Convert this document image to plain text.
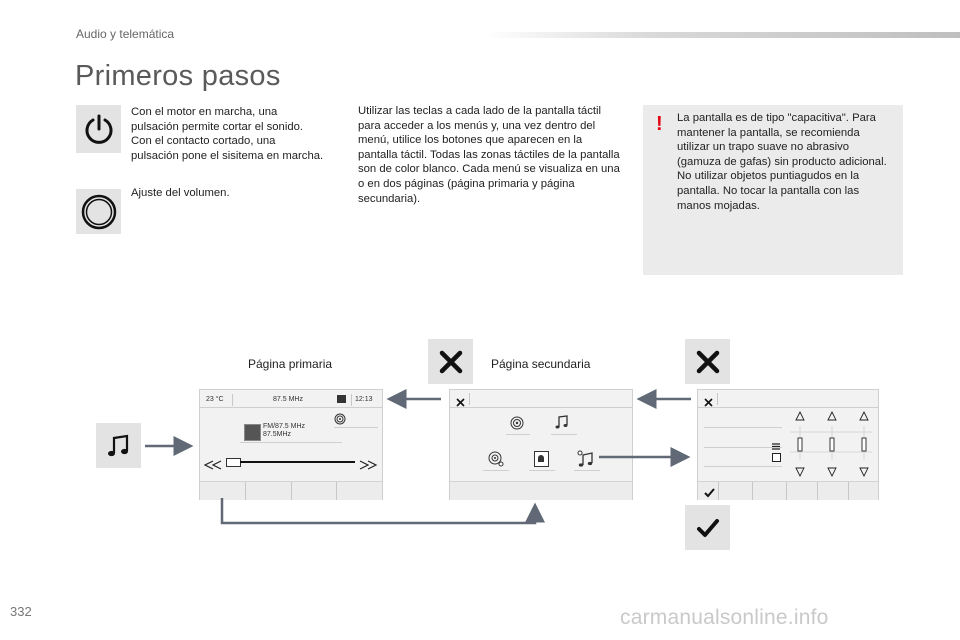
Audio y telemática
Primeros pasos
Con el motor en marcha, una pulsación permite cortar el sonido. Con el contacto cortado, una pulsación pone el sisitema en marcha.
Ajuste del volumen.
Utilizar las teclas a cada lado de la pantalla táctil para acceder a los menús y, una vez dentro del menú, utilice los botones que aparecen en la pantalla táctil. Todas las zonas táctiles de la pantalla son de color blanco. Cada menú se visualiza en una o en dos páginas (página primaria y página secundaria).
! La pantalla es de tipo "capacitiva". Para mantener la pantalla, se recomienda utilizar un trapo suave no abrasivo (gamuza de gafas) sin producto adicional. No utilizar objetos puntiagudos en la pantalla. No tocar la pantalla con las manos mojadas.
Página primaria	Página secundaria
23 °C	87.5 MHz	12:13
FM/87.5 MHz
87.5MHz
332	carmanualsonline.info
